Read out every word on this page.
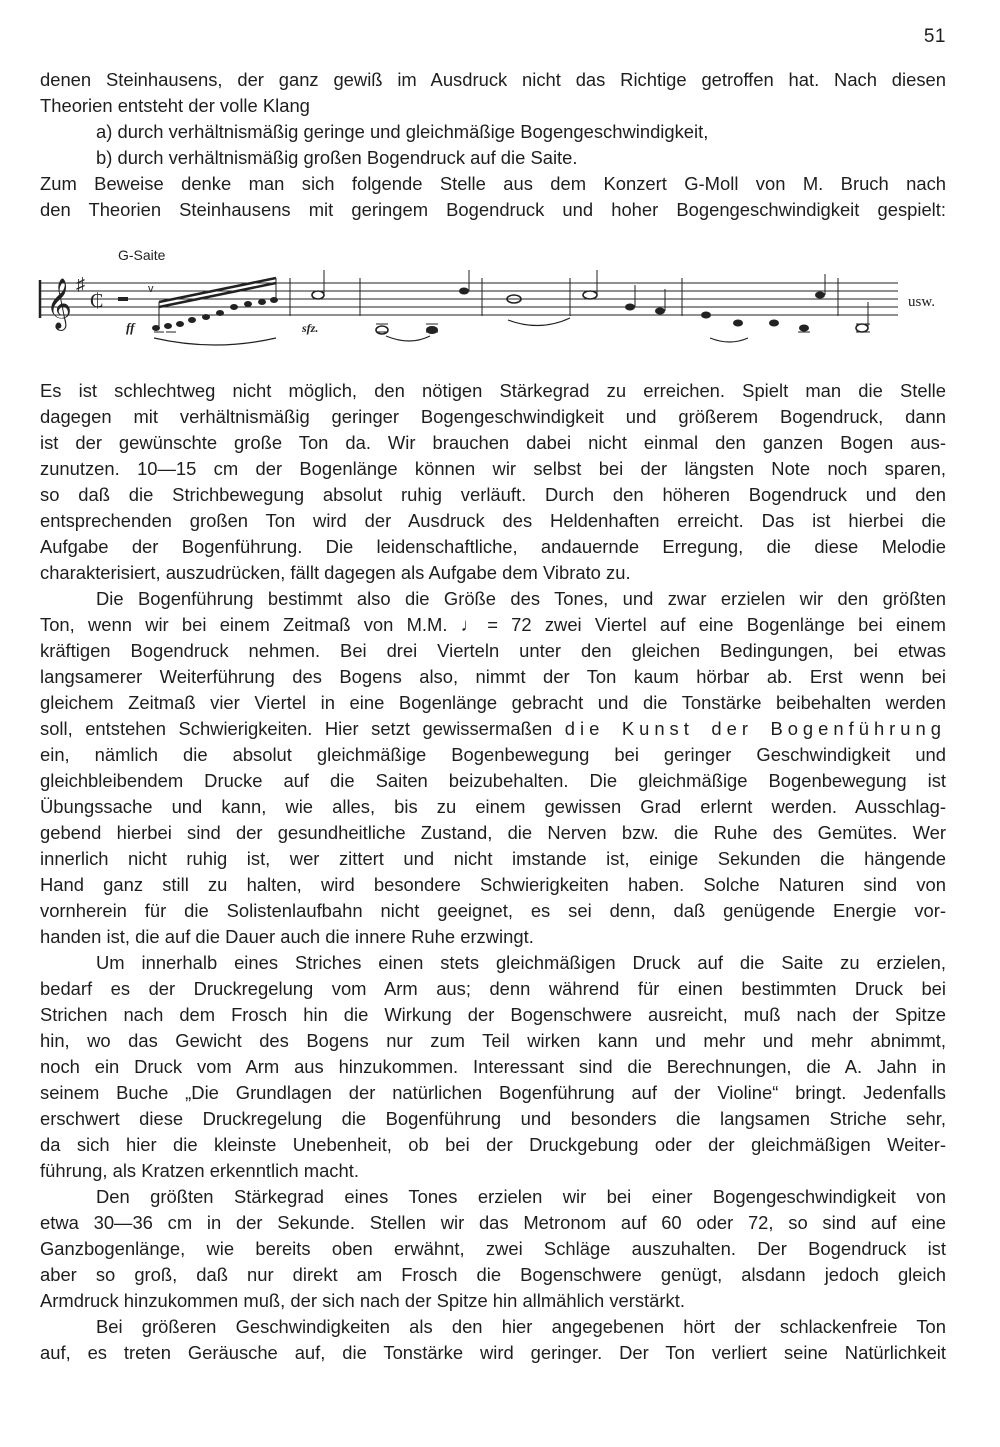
51
denen Steinhausens, der ganz gewiß im Ausdruck nicht das Richtige getroffen hat. Nach diesen
Theorien entsteht der volle Klang
a) durch verhältnismäßig geringe und gleichmäßige Bogengeschwindigkeit,
b) durch verhältnismäßig großen Bogendruck auf die Saite.
Zum Beweise denke man sich folgende Stelle aus dem Konzert G-Moll von M. Bruch nach
den Theorien Steinhausens mit geringem Bogendruck und hoher Bogengeschwindigkeit gespielt:
𝄞 ♯
₵
v
G-Saite
ff	sfz.
usw.
Es ist schlechtweg nicht möglich, den nötigen Stärkegrad zu erreichen. Spielt man die Stelle
dagegen mit verhältnismäßig geringer Bogengeschwindigkeit und größerem Bogendruck, dann
ist der gewünschte große Ton da. Wir brauchen dabei nicht einmal den ganzen Bogen aus-
zunutzen. 10—15 cm der Bogenlänge können wir selbst bei der längsten Note noch sparen,
so daß die Strichbewegung absolut ruhig verläuft. Durch den höheren Bogendruck und den
entsprechenden großen Ton wird der Ausdruck des Heldenhaften erreicht. Das ist hierbei die
Aufgabe der Bogenführung. Die leidenschaftliche, andauernde Erregung, die diese Melodie
charakterisiert, auszudrücken, fällt dagegen als Aufgabe dem Vibrato zu.
Die Bogenführung bestimmt also die Größe des Tones, und zwar erzielen wir den größten
Ton, wenn wir bei einem Zeitmaß von M.M. ♩= 72 zwei Viertel auf eine Bogenlänge bei einem
kräftigen Bogendruck nehmen. Bei drei Vierteln unter den gleichen Bedingungen, bei etwas
langsamerer Weiterführung des Bogens also, nimmt der Ton kaum hörbar ab. Erst wenn bei
gleichem Zeitmaß vier Viertel in eine Bogenlänge gebracht und die Tonstärke beibehalten werden
soll, entstehen Schwierigkeiten. Hier setzt gewissermaßen die Kunst der Bogenführung
ein, nämlich die absolut gleichmäßige Bogenbewegung bei geringer Geschwindigkeit und
gleichbleibendem Drucke auf die Saiten beizubehalten. Die gleichmäßige Bogenbewegung ist
Übungssache und kann, wie alles, bis zu einem gewissen Grad erlernt werden. Ausschlag-
gebend hierbei sind der gesundheitliche Zustand, die Nerven bzw. die Ruhe des Gemütes. Wer
innerlich nicht ruhig ist, wer zittert und nicht imstande ist, einige Sekunden die hängende
Hand ganz still zu halten, wird besondere Schwierigkeiten haben. Solche Naturen sind von
vornherein für die Solistenlaufbahn nicht geeignet, es sei denn, daß genügende Energie vor-
handen ist, die auf die Dauer auch die innere Ruhe erzwingt.
Um innerhalb eines Striches einen stets gleichmäßigen Druck auf die Saite zu erzielen,
bedarf es der Druckregelung vom Arm aus; denn während für einen bestimmten Druck bei
Strichen nach dem Frosch hin die Wirkung der Bogenschwere ausreicht, muß nach der Spitze
hin, wo das Gewicht des Bogens nur zum Teil wirken kann und mehr und mehr abnimmt,
noch ein Druck vom Arm aus hinzukommen. Interessant sind die Berechnungen, die A. Jahn in
seinem Buche „Die Grundlagen der natürlichen Bogenführung auf der Violine“ bringt. Jedenfalls
erschwert diese Druckregelung die Bogenführung und besonders die langsamen Striche sehr,
da sich hier die kleinste Unebenheit, ob bei der Druckgebung oder der gleichmäßigen Weiter-
führung, als Kratzen erkenntlich macht.
Den größten Stärkegrad eines Tones erzielen wir bei einer Bogengeschwindigkeit von
etwa 30—36 cm in der Sekunde. Stellen wir das Metronom auf 60 oder 72, so sind auf eine
Ganzbogenlänge, wie bereits oben erwähnt, zwei Schläge auszuhalten. Der Bogendruck ist
aber so groß, daß nur direkt am Frosch die Bogenschwere genügt, alsdann jedoch gleich
Armdruck hinzukommen muß, der sich nach der Spitze hin allmählich verstärkt.
Bei größeren Geschwindigkeiten als den hier angegebenen hört der schlackenfreie Ton
auf, es treten Geräusche auf, die Tonstärke wird geringer. Der Ton verliert seine Natürlichkeit
